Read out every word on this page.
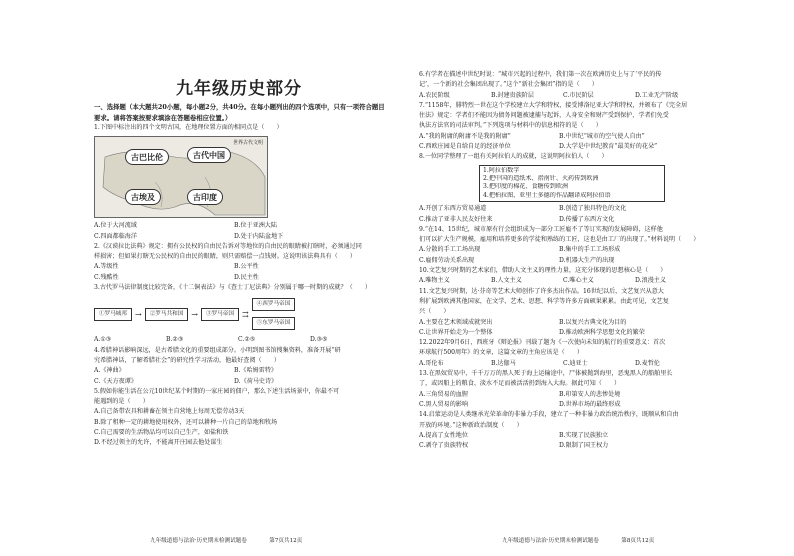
九年级历史部分
一、选择题（本大题共20小题，每小题2分，共40分。在每小题列出的四个选项中，只有一项符合题目要求。请将答案按要求填涂在答题卷相应位置。）
1.下图中标注出的四个文明古国，在地理位置方面的相同点是（　　）
世界古代文明
古巴比伦	古代中国
古埃及	古印度
A.位于大河流域	B.位于亚洲大陆
C.四面都临海洋	D.处于内陆盆地下
2.《汉谟拉比法典》规定：拥有公民权的自由民告诉对等地位的自由民的眼睛被打瞎时，必须通过同
样损害；但如果打瞎无公民权的自由民的眼睛，则只需赔偿一点钱财。这说明该法典具有（　　）
A.等级性	B.公平性
C.残酷性	D.民主性
3.古代罗马法律制度比较完备，《十二铜表法》与《查士丁尼法典》分别属于哪一时期的成就？（　　）
①罗马城邦	→	②罗马共和国	→	③罗马帝国	⇉
④西罗马帝国
⑤东罗马帝国
A.①③	B.②③	C.②⑤	D.③⑤
4.希腊神话影响深远，是古希腊文化的重要组成部分。小明到图书馆搜集资料，准备开展“研
究希腊神话，了解希腊社会”的研究性学习活动，他最好查阅（　　）
A.《神曲》	B.《哈姆雷特》
C.《天方夜谭》	D.《荷马史诗》
5.假如你能生活在公元10世纪某个时期的一家庄园的佃户，那么下述生活场景中，你最不可
能遇到的是（　　）
A.自己备带农具和耕畜在领主自营地上每周无偿劳动3天
B.除了租种一定的耕地使用权外，还可以耕种一片自己的草地和牧场
C.自己需要的生活物品均可以自己生产，如盐和铁
D.不经过领主的允许，不能离开庄园去他处谋生
九年级道德与法治·历史期末检测试题卷　　　　第7页共12页
6.有学者在描述中世纪时说：“城市兴起的过程中，我们第一次在欧洲历史上与了‘平民的传
记’，一个新的社会集团出现了。”这个“新社会集团”指的是（　　）
A.农民阶级	B.封建贵族阶层	C.市民阶层	D.工业无产阶级
7.“1158年，腓特烈一世在这个学校建立大学和特权，接受博洛尼亚大学和特权，并颁布了《完全居
住法》规定：学者们不能因为债务问题被逮捕与起诉，人身安全和财产受到保护，学者们免受
执法方法官的司法审判。”下列选项与材料中的信息相符的是（　　）
A.“我的附庸的附庸不是我的附庸”	B.中世纪“城市的空气使人自由”
C.西欧庄园是自给自足的经济单位	D.大学是中世纪教育“最美好的花朵”
8.一位同学整理了一组有关阿拉伯人的成就，这说明阿拉伯人（　　）
1.阿拉伯数字
2.把中国的造纸术、指南针、火药传到欧洲
3.把印度的棉花、食糖传到欧洲
4.把柏拉图、亚里士多德的作品翻译成阿拉伯语
A.开创了东西方贸易通道	B.创造了独具特色的文化
C.推动了亚非人民友好往来	D.传播了东西方文化
9.“在14、15世纪，城市原有行会组织成为一部分工匠雇不了等订实现的发展障碍，这样他
们可以扩大生产规模，雇用和培养更多的学徒和熟练的工匠，这也是由工厂的出现了。”材料说明（　　）
A.分散的手工工场出现	B.集中的手工工场形成
C.雇佣劳动关系出现	D.机器大生产的出现
10.文艺复兴时期的艺术家们，借助人文主义的理性力量，这充分体现的思想核心是（　　）
A.唯物主义	B.人文主义	C.唯心主义	D.浪漫主义
11.文艺复兴时期，达·芬奇等艺术大师创作了许多杰出作品。16世纪以后，文艺复兴从意大
利扩展到欧洲其他国家，在文学、艺术、思想、科学等许多方面硕果累累。由此可见，文艺复
兴（　　）
A.主要在艺术领域成就突出	B.以复兴古典文化为目的
C.让世界开始走为一个整体	D.推动欧洲科学思想文化的繁荣
12.2022年9月6日，西班牙《辩论报》刊载了题为《一次使向未知的航行的重要意义：首次
环球航行500周年》的文章，这篇文章的主角应该是（　　）
A.哥伦布	B.达伽马	C.迪亚士	D.麦哲伦
13.在黑奴贸易中，千千万万的黑人死于海上运输途中，尸体被抛到海里，恶鬼黑人的船舶里长
了，或因船上的粮食、淡水不足而被活活扔到海入大海。据此可知（　　）
A.三角贸易的血腥	B.印第安人的悲惨处境
C.黑人贸易的影响	D.世界市场的最终形成
14.启蒙运动是人类继承光荣革命的非暴力手段，建立了一种非暴力政治统治秩序，既顺从和自由
开放的环境。”这种新政治制度（　　）
A.提高了女性地位	B.实现了民族独立
C.剥夺了贵族特权	D.限制了国王权力
九年级道德与法治·历史期末检测试题卷　　　　第8页共12页
